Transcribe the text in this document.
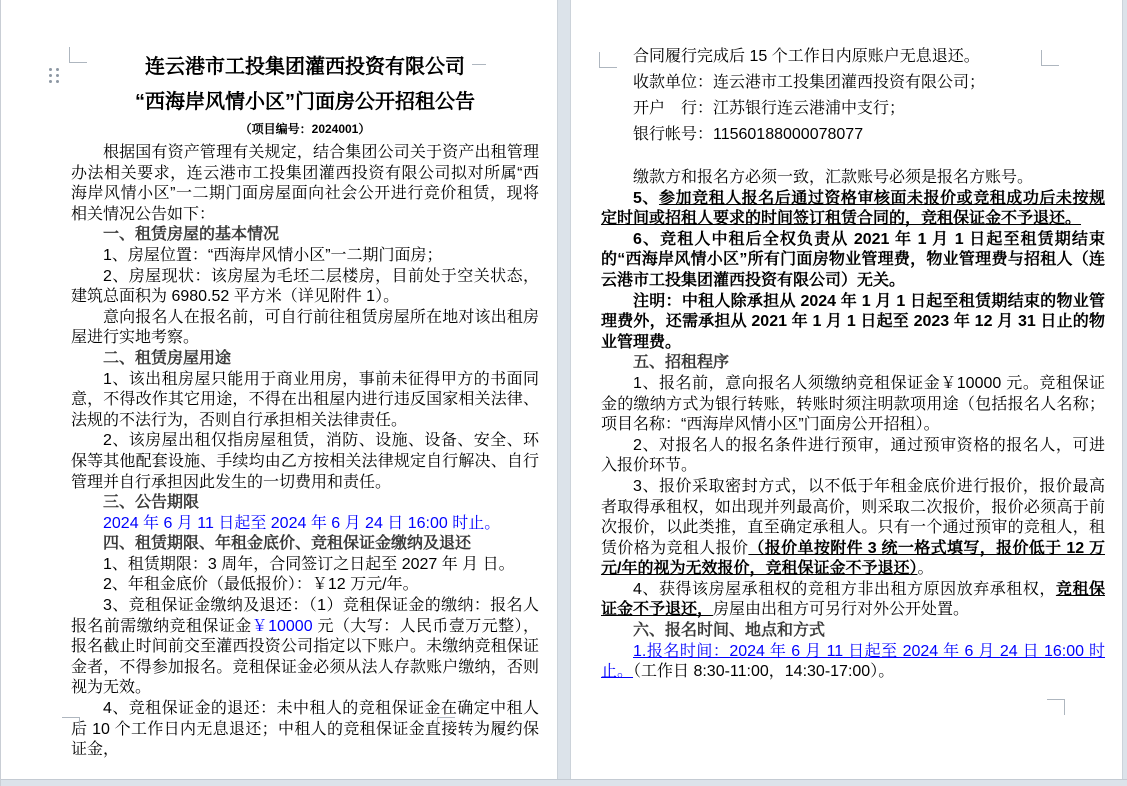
连云港市工投集团灌西投资有限公司
“西海岸风情小区”门面房公开招租公告
（项目编号：2024001）

根据国有资产管理有关规定，结合集团公司关于资产出租管理办法相关要求，连云港市工投集团灌西投资有限公司拟对所属“西海岸风情小区”一二期门面房屋面向社会公开进行竞价租赁，现将相关情况公告如下：

一、租赁房屋的基本情况

1、房屋位置：“西海岸风情小区”一二期门面房；

2、房屋现状：该房屋为毛坯二层楼房，目前处于空关状态，建筑总面积为 6980.52 平方米（详见附件 1）。

意向报名人在报名前，可自行前往租赁房屋所在地对该出租房屋进行实地考察。

二、租赁房屋用途

1、该出租房屋只能用于商业用房，事前未征得甲方的书面同意，不得改作其它用途，不得在出租屋内进行违反国家相关法律、法规的不法行为，否则自行承担相关法律责任。

2、该房屋出租仅指房屋租赁，消防、设施、设备、安全、环保等其他配套设施、手续均由乙方按相关法律规定自行解决、自行管理并自行承担因此发生的一切费用和责任。

三、公告期限

2024 年 6 月 11 日起至 2024 年 6 月 24 日 16:00 时止。

四、租赁期限、年租金底价、竞租保证金缴纳及退还

1、租赁期限：3 周年，合同签订之日起至 2027 年 月 日。

2、年租金底价（最低报价）：￥12 万元/年。

3、竞租保证金缴纳及退还：（1）竞租保证金的缴纳：报名人报名前需缴纳竞租保证金￥10000 元（大写：人民币壹万元整），报名截止时间前交至灌西投资公司指定以下账户。未缴纳竞租保证金者，不得参加报名。竞租保证金必须从法人存款账户缴纳，否则视为无效。

4、竞租保证金的退还：未中租人的竞租保证金在确定中租人后 10 个工作日内无息退还；中租人的竞租保证金直接转为履约保证金，

合同履行完成后 15 个工作日内原账户无息退还。

收款单位：连云港市工投集团灌西投资有限公司；

开户　行：江苏银行连云港浦中支行；

银行帐号：11560188000078077

缴款方和报名方必须一致，汇款账号必须是报名方账号。

5、参加竞租人报名后通过资格审核面未报价或竞租成功后未按规定时间或招租人要求的时间签订租赁合同的，竞租保证金不予退还。

6、竞租人中租后全权负责从 2021 年 1 月 1 日起至租赁期结束的“西海岸风情小区”所有门面房物业管理费，物业管理费与招租人（连云港市工投集团灌西投资有限公司）无关。

注明：中租人除承担从 2024 年 1 月 1 日起至租赁期结束的物业管理费外，还需承担从 2021 年 1 月 1 日起至 2023 年 12 月 31 日止的物业管理费。

五、招租程序

1、报名前，意向报名人须缴纳竞租保证金￥10000 元。竞租保证金的缴纳方式为银行转账，转账时须注明款项用途（包括报名人名称；项目名称：“西海岸风情小区”门面房公开招租）。

2、对报名人的报名条件进行预审，通过预审资格的报名人，可进入报价环节。

3、报价采取密封方式，以不低于年租金底价进行报价，报价最高者取得承租权，如出现并列最高价，则采取二次报价，报价必须高于前次报价，以此类推，直至确定承租人。只有一个通过预审的竞租人，租赁价格为竞租人报价（报价单按附件 3 统一格式填写，报价低于 12 万元/年的视为无效报价，竞租保证金不予退还）。

4、获得该房屋承租权的竞租方非出租方原因放弃承租权，竞租保证金不予退还，房屋由出租方可另行对外公开处置。

六、报名时间、地点和方式

1.报名时间：2024 年 6 月 11 日起至 2024 年 6 月 24 日 16:00 时止。（工作日 8:30-11:00，14:30-17:00）。
